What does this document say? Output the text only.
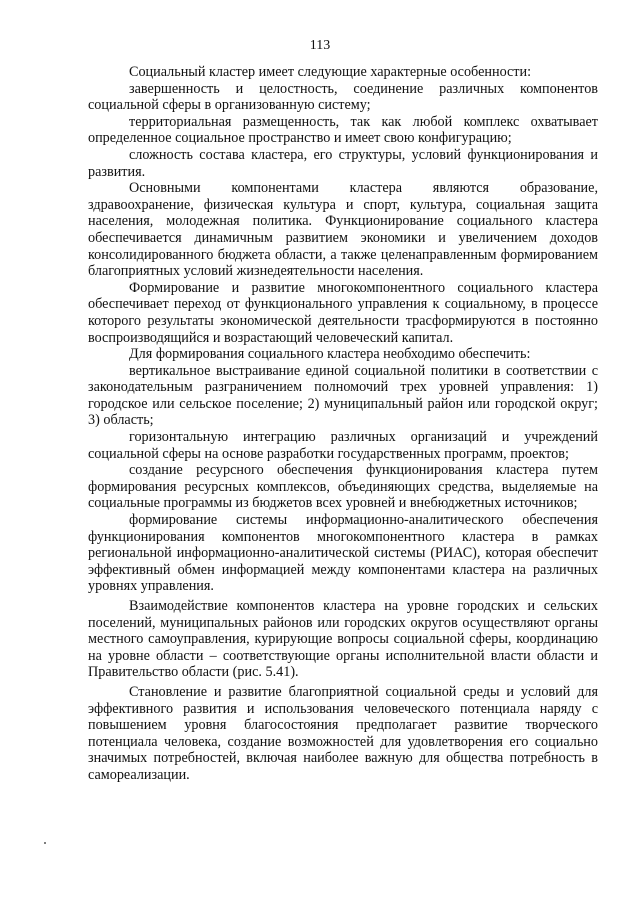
113

Социальный кластер имеет следующие характерные особенности:

завершенность и целостность, соединение различных компонентов социальной сферы в организованную систему;

территориальная размещенность, так как любой комплекс охватывает определенное социальное пространство и имеет свою конфигурацию;

сложность состава кластера, его структуры, условий функционирования и развития.

Основными компонентами кластера являются образование, здравоохранение, физическая культура и спорт, культура, социальная защита населения, молодежная политика. Функционирование социального кластера обеспечивается динамичным развитием экономики и увеличением доходов консолидированного бюджета области, а также целенаправленным формированием благоприятных условий жизнедеятельности населения.

Формирование и развитие многокомпонентного социального кластера обеспечивает переход от функционального управления к социальному, в процессе которого результаты экономической деятельности трасформируются в постоянно воспроизводящийся и возрастающий человеческий капитал.

Для формирования социального кластера необходимо обеспечить:

вертикальное выстраивание единой социальной политики в соответствии с законодательным разграничением полномочий трех уровней управления: 1) городское или сельское поселение; 2) муниципальный район или городской округ; 3) область;

горизонтальную интеграцию различных организаций и учреждений социальной сферы на основе разработки государственных программ, проектов;

создание ресурсного обеспечения функционирования кластера путем формирования ресурсных комплексов, объединяющих средства, выделяемые на социальные программы из бюджетов всех уровней и внебюджетных источников;

формирование системы информационно-аналитического обеспечения функционирования компонентов многокомпонентного кластера в рамках региональной информационно-аналитической системы (РИАС), которая обеспечит эффективный обмен информацией между компонентами кластера на различных уровнях управления.

Взаимодействие компонентов кластера на уровне городских и сельских поселений, муниципальных районов или городских округов осуществляют органы местного самоуправления, курирующие вопросы социальной сферы, координацию на уровне области – соответствующие органы исполнительной власти области и Правительство области (рис. 5.41).

Становление и развитие благоприятной социальной среды и условий для эффективного развития и использования человеческого потенциала наряду с повышением уровня благосостояния предполагает развитие творческого потенциала человека, создание возможностей для удовлетворения его социально значимых потребностей, включая наиболее важную для общества потребность в самореализации.
